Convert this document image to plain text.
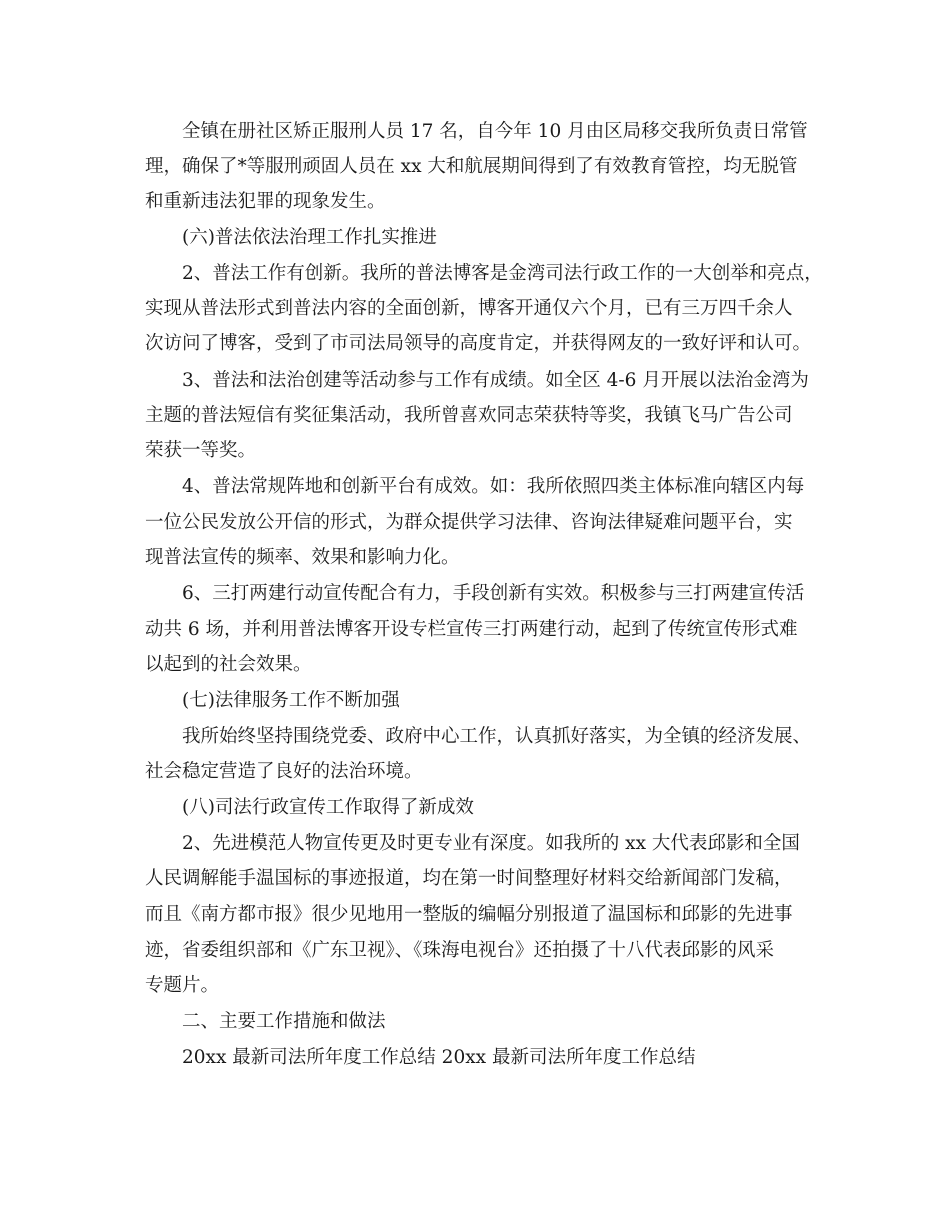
全镇在册社区矫正服刑人员 17 名，自今年 10 月由区局移交我所负责日常管
理，确保了*等服刑顽固人员在 xx 大和航展期间得到了有效教育管控，均无脱管
和重新违法犯罪的现象发生。
(六)普法依法治理工作扎实推进
2、普法工作有创新。我所的普法博客是金湾司法行政工作的一大创举和亮点，
实现从普法形式到普法内容的全面创新，博客开通仅六个月，已有三万四千余人
次访问了博客，受到了市司法局领导的高度肯定，并获得网友的一致好评和认可。
3、普法和法治创建等活动参与工作有成绩。如全区 4-6 月开展以法治金湾为
主题的普法短信有奖征集活动，我所曾喜欢同志荣获特等奖，我镇飞马广告公司
荣获一等奖。
4、普法常规阵地和创新平台有成效。如：我所依照四类主体标准向辖区内每
一位公民发放公开信的形式，为群众提供学习法律、咨询法律疑难问题平台，实
现普法宣传的频率、效果和影响力化。
6、三打两建行动宣传配合有力，手段创新有实效。积极参与三打两建宣传活
动共 6 场，并利用普法博客开设专栏宣传三打两建行动，起到了传统宣传形式难
以起到的社会效果。
(七)法律服务工作不断加强
我所始终坚持围绕党委、政府中心工作，认真抓好落实，为全镇的经济发展、
社会稳定营造了良好的法治环境。
(八)司法行政宣传工作取得了新成效
2、先进模范人物宣传更及时更专业有深度。如我所的 xx 大代表邱影和全国
人民调解能手温国标的事迹报道，均在第一时间整理好材料交给新闻部门发稿，
而且《南方都市报》很少见地用一整版的编幅分别报道了温国标和邱影的先进事
迹，省委组织部和《广东卫视》、《珠海电视台》还拍摄了十八代表邱影的风采
专题片。
二、主要工作措施和做法
20xx 最新司法所年度工作总结 20xx 最新司法所年度工作总结
